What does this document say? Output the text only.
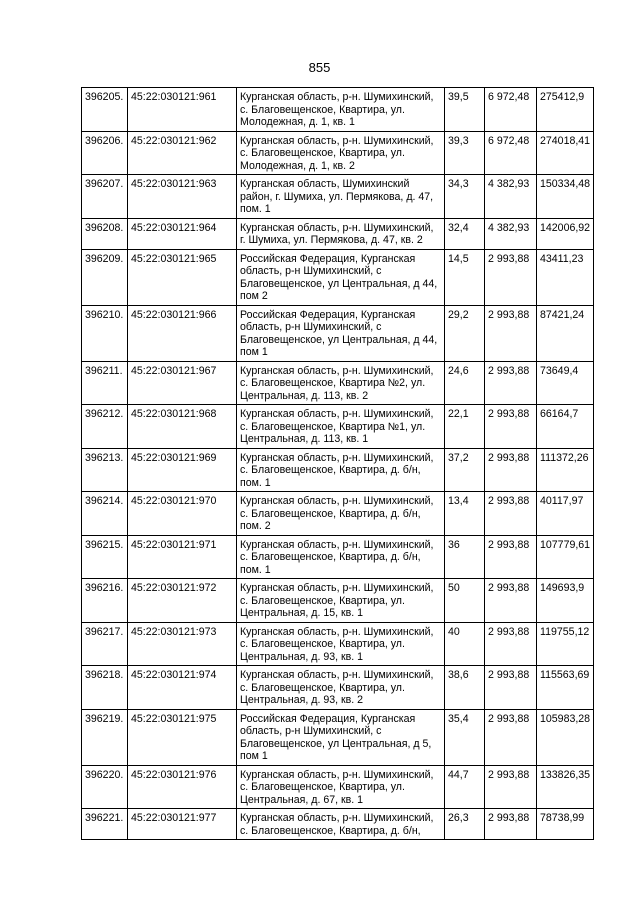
855
396205.	45:22:030121:961	Курганская область, р-н. Шумихинский, с. Благовещенское, Квартира, ул. Молодежная, д. 1, кв. 1	39,5	6 972,48	275412,9
396206.	45:22:030121:962	Курганская область, р-н. Шумихинский, с. Благовещенское, Квартира, ул. Молодежная, д. 1, кв. 2	39,3	6 972,48	274018,41
396207.	45:22:030121:963	Курганская область, Шумихинский район, г. Шумиха, ул. Пермякова, д. 47, пом. 1	34,3	4 382,93	150334,48
396208.	45:22:030121:964	Курганская область, р-н. Шумихинский, г. Шумиха, ул. Пермякова, д. 47, кв. 2	32,4	4 382,93	142006,92
396209.	45:22:030121:965	Российская Федерация, Курганская область, р-н Шумихинский, с Благовещенское, ул Центральная, д 44, пом 2	14,5	2 993,88	43411,23
396210.	45:22:030121:966	Российская Федерация, Курганская область, р-н Шумихинский, с Благовещенское, ул Центральная, д 44, пом 1	29,2	2 993,88	87421,24
396211.	45:22:030121:967	Курганская область, р-н. Шумихинский, с. Благовещенское, Квартира №2, ул. Центральная, д. 113, кв. 2	24,6	2 993,88	73649,4
396212.	45:22:030121:968	Курганская область, р-н. Шумихинский, с. Благовещенское, Квартира №1, ул. Центральная, д. 113, кв. 1	22,1	2 993,88	66164,7
396213.	45:22:030121:969	Курганская область, р-н. Шумихинский, с. Благовещенское, Квартира, д. б/н, пом. 1	37,2	2 993,88	111372,26
396214.	45:22:030121:970	Курганская область, р-н. Шумихинский, с. Благовещенское, Квартира, д. б/н, пом. 2	13,4	2 993,88	40117,97
396215.	45:22:030121:971	Курганская область, р-н. Шумихинский, с. Благовещенское, Квартира, д. б/н, пом. 1	36	2 993,88	107779,61
396216.	45:22:030121:972	Курганская область, р-н. Шумихинский, с. Благовещенское, Квартира, ул. Центральная, д. 15, кв. 1	50	2 993,88	149693,9
396217.	45:22:030121:973	Курганская область, р-н. Шумихинский, с. Благовещенское, Квартира, ул. Центральная, д. 93, кв. 1	40	2 993,88	119755,12
396218.	45:22:030121:974	Курганская область, р-н. Шумихинский, с. Благовещенское, Квартира, ул. Центральная, д. 93, кв. 2	38,6	2 993,88	115563,69
396219.	45:22:030121:975	Российская Федерация, Курганская область, р-н Шумихинский, с Благовещенское, ул Центральная, д 5, пом 1	35,4	2 993,88	105983,28
396220.	45:22:030121:976	Курганская область, р-н. Шумихинский, с. Благовещенское, Квартира, ул. Центральная, д. 67, кв. 1	44,7	2 993,88	133826,35
396221.	45:22:030121:977	Курганская область, р-н. Шумихинский, с. Благовещенское, Квартира, д. б/н,	26,3	2 993,88	78738,99
